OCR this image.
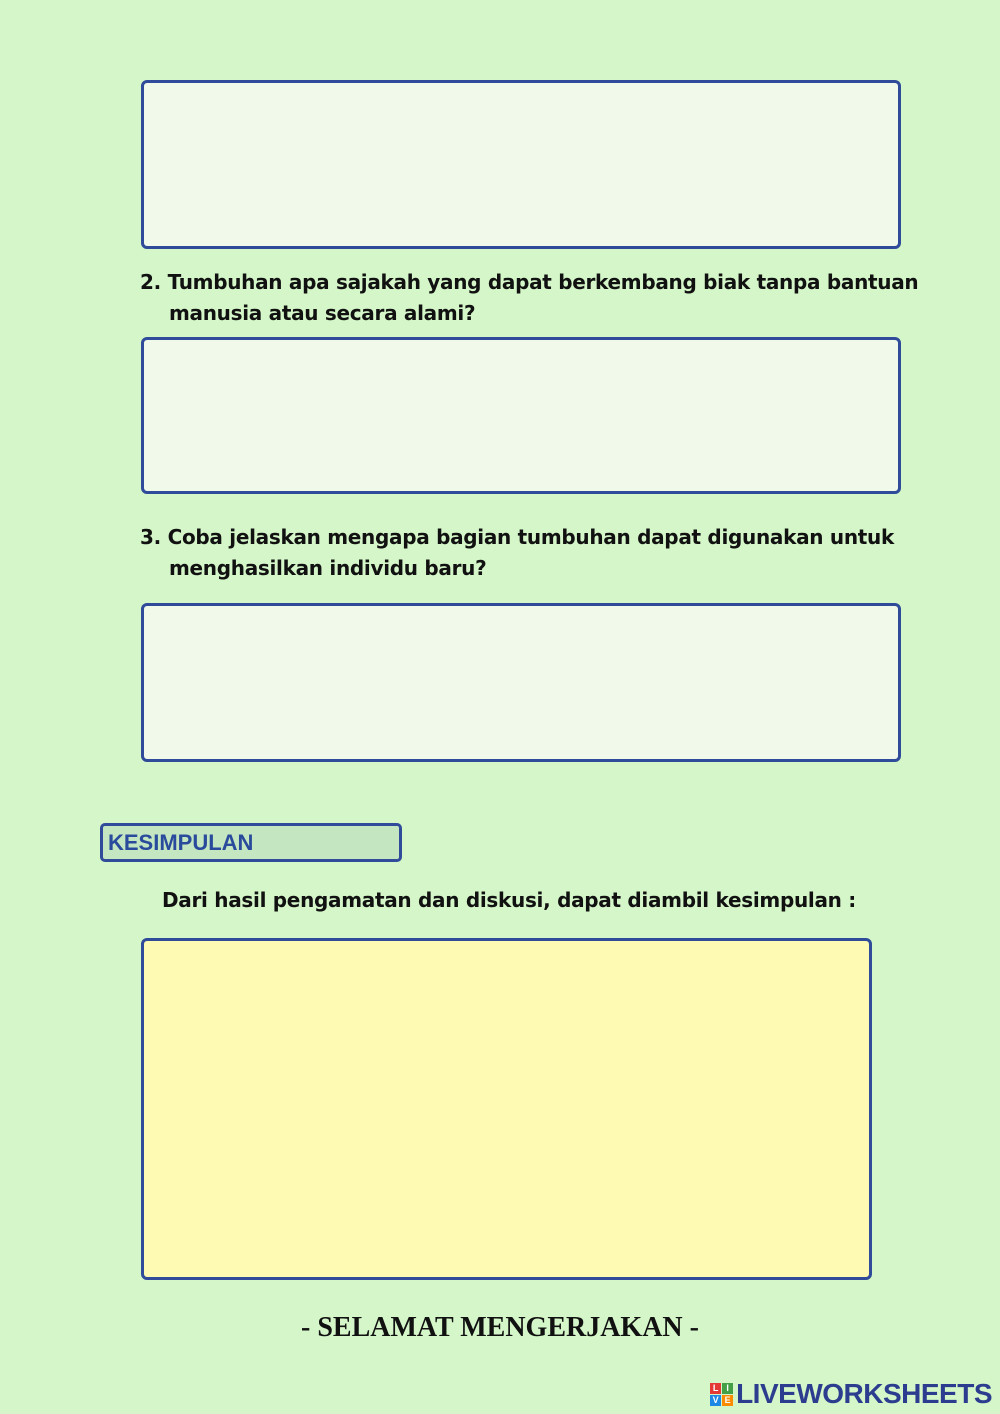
2. Tumbuhan apa sajakah yang dapat berkembang biak tanpa bantuan
manusia atau secara alami?
3. Coba jelaskan mengapa bagian tumbuhan dapat digunakan untuk
menghasilkan individu baru?
KESIMPULAN
Dari hasil pengamatan dan diskusi, dapat diambil kesimpulan :
- SELAMAT MENGERJAKAN -
L I
V E LIVEWORKSHEETS
